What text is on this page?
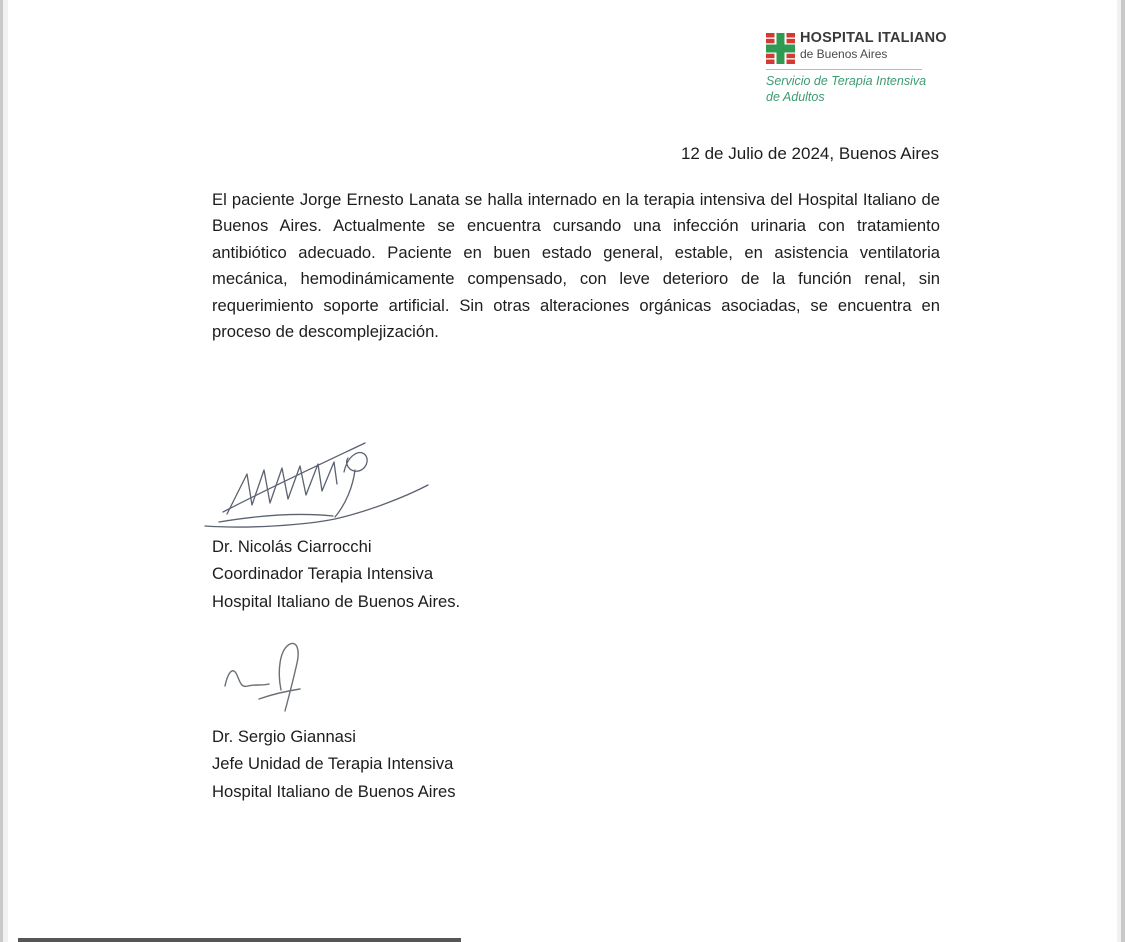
HOSPITAL ITALIANO
de Buenos Aires
Servicio de Terapia Intensiva
de Adultos
12 de Julio de 2024, Buenos Aires
El paciente Jorge Ernesto Lanata se halla internado en la terapia intensiva del Hospital Italiano de Buenos Aires. Actualmente se encuentra cursando una infección urinaria con tratamiento antibiótico adecuado. Paciente en buen estado general, estable, en asistencia ventilatoria mecánica, hemodinámicamente compensado, con leve deterioro de la función renal, sin requerimiento soporte artificial. Sin otras alteraciones orgánicas asociadas, se encuentra en proceso de descomplejización.
Dr. Nicolás Ciarrocchi
Coordinador Terapia Intensiva
Hospital Italiano de Buenos Aires.
Dr. Sergio Giannasi
Jefe Unidad de Terapia Intensiva
Hospital Italiano de Buenos Aires
